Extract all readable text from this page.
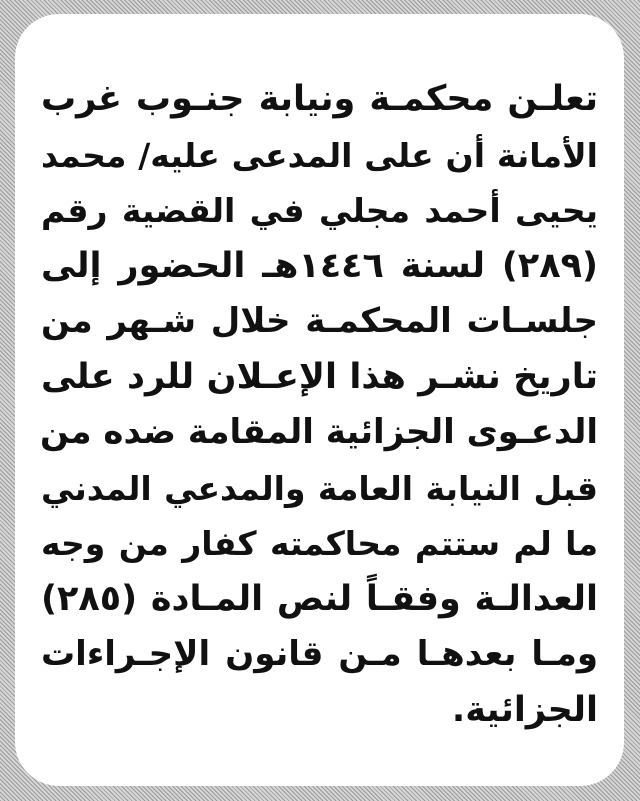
تعلـن محكمـة ونيابة جنـوب غرب

الأمانة أن على المدعى عليه/ محمد

يحيى أحمد مجلي في القضية رقم

(٢٨٩) لسنة ١٤٤٦هـ الحضور إلى

جلسـات المحكمـة خلال شـهر من

تاريخ نشـر هذا الإعـلان للرد على

الدعـوى الجزائية المقامة ضده من

قبل النيابة العامة والمدعي المدني

ما لم ستتم محاكمته كفار من وجه

العدالـة وفقـاً لنص المـادة (٢٨٥)

ومـا بعدهـا مـن قانون الإجـراءات

الجزائية.
